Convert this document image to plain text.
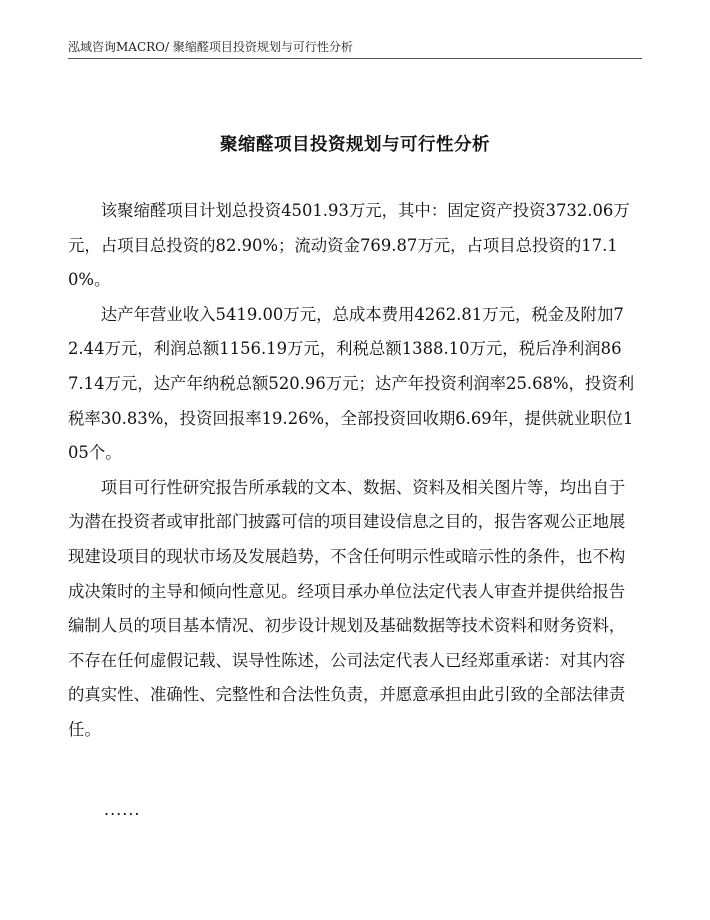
泓域咨询MACRO/ 聚缩醛项目投资规划与可行性分析
聚缩醛项目投资规划与可行性分析

该聚缩醛项目计划总投资4501.93万元，其中：固定资产投资3732.06万元，占项目总投资的82.90%；流动资金769.87万元，占项目总投资的17.10%。

达产年营业收入5419.00万元，总成本费用4262.81万元，税金及附加72.44万元，利润总额1156.19万元，利税总额1388.10万元，税后净利润867.14万元，达产年纳税总额520.96万元；达产年投资利润率25.68%，投资利税率30.83%，投资回报率19.26%，全部投资回收期6.69年，提供就业职位105个。

项目可行性研究报告所承载的文本、数据、资料及相关图片等，均出自于为潜在投资者或审批部门披露可信的项目建设信息之目的，报告客观公正地展现建设项目的现状市场及发展趋势，不含任何明示性或暗示性的条件，也不构成决策时的主导和倾向性意见。经项目承办单位法定代表人审查并提供给报告编制人员的项目基本情况、初步设计规划及基础数据等技术资料和财务资料，不存在任何虚假记载、误导性陈述，公司法定代表人已经郑重承诺：对其内容的真实性、准确性、完整性和合法性负责，并愿意承担由此引致的全部法律责任。

......
